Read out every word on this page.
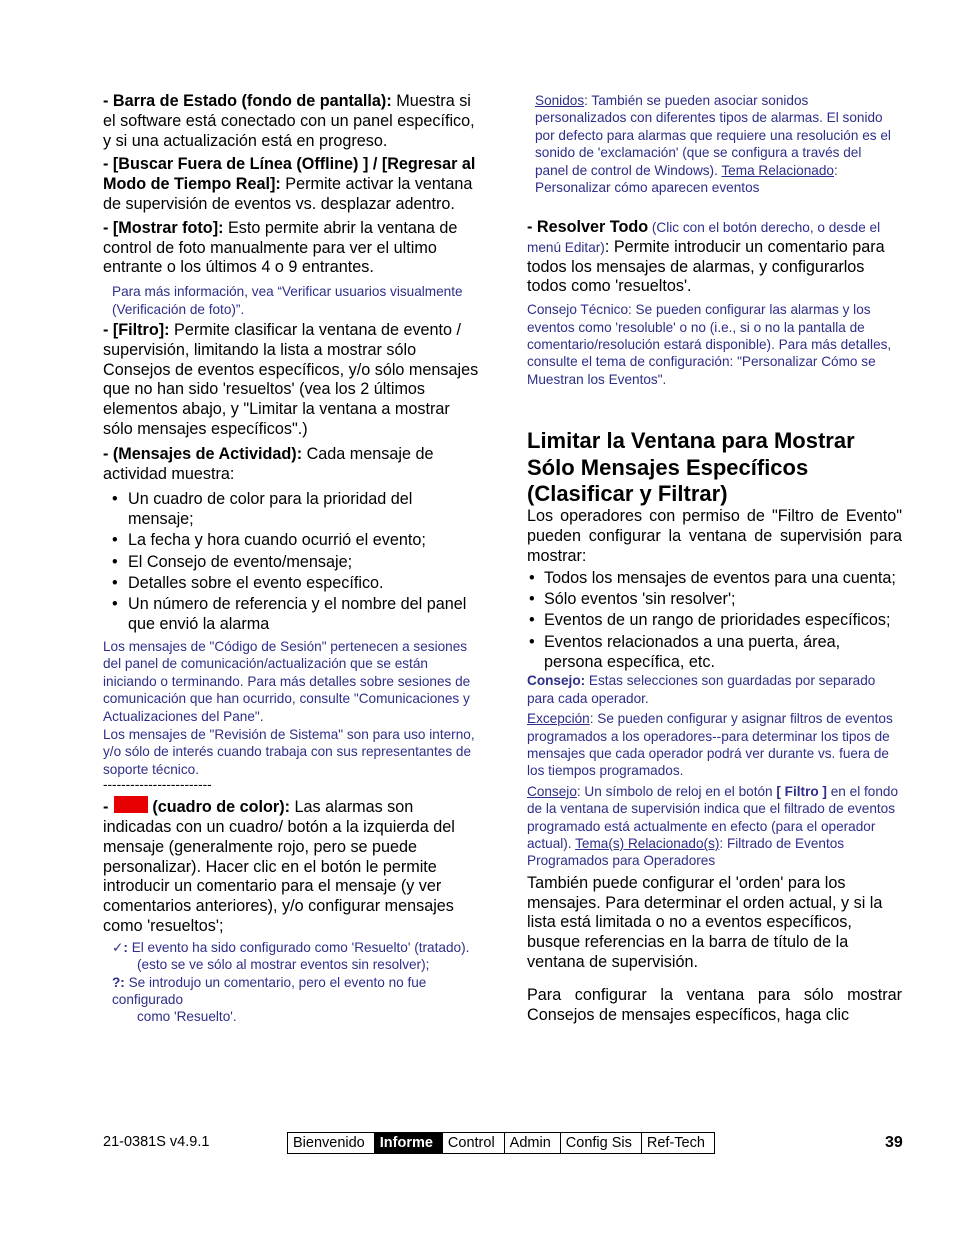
- Barra de Estado (fondo de pantalla): Muestra si el software está conectado con un panel específico, y si una actualización está en progreso.

- [Buscar Fuera de Línea (Offline) ] / [Regresar al Modo de Tiempo Real]: Permite activar la ventana de supervisión de eventos vs. desplazar adentro.

- [Mostrar foto]: Esto permite abrir la ventana de control de foto manualmente para ver el ultimo entrante o los últimos 4 o 9 entrantes.

Para más información, vea “Verificar usuarios visualmente (Verificación de foto)”.

- [Filtro]: Permite clasificar la ventana de evento / supervisión, limitando la lista a mostrar sólo Consejos de eventos específicos, y/o sólo mensajes que no han sido 'resueltos' (vea los 2 últimos elementos abajo, y "Limitar la ventana a mostrar sólo mensajes específicos".)

- (Mensajes de Actividad): Cada mensaje de actividad muestra:

• Un cuadro de color para la prioridad del mensaje;
• La fecha y hora cuando ocurrió el evento;
• El Consejo de evento/mensaje;
• Detalles sobre el evento específico.
• Un número de referencia y el nombre del panel

que envió la alarma

Los mensajes de "Código de Sesión" pertenecen a sesiones del panel de comunicación/actualización que se están iniciando o terminando. Para más detalles sobre sesiones de comunicación que han ocurrido, consulte "Comunicaciones y Actualizaciones del Pane".

Los mensajes de "Revisión de Sistema" son para uso interno, y/o sólo de interés cuando trabaja con sus representantes de soporte técnico.

------------------------

-	(cuadro de color): Las alarmas son indicadas con un cuadro/ botón a la izquierda del mensaje (generalmente rojo, pero se puede personalizar). Hacer clic en el botón le permite introducir un comentario para el mensaje (y ver comentarios anteriores), y/o configurar mensajes como 'resueltos';

✓: El evento ha sido configurado como 'Resuelto' (tratado).

(esto se ve sólo al mostrar eventos sin resolver);

?: Se introdujo un comentario, pero el evento no fue configurado

como 'Resuelto'.

Sonidos: También se pueden asociar sonidos personalizados con diferentes tipos de alarmas. El sonido por defecto para alarmas que requiere una resolución es el sonido de 'exclamación' (que se configura a través del panel de control de Windows). Tema Relacionado: Personalizar cómo aparecen eventos

- Resolver Todo (Clic con el botón derecho, o desde el menú Editar): Permite introducir un comentario para todos los mensajes de alarmas, y configurarlos todos como 'resueltos'.

Consejo Técnico: Se pueden configurar las alarmas y los eventos como 'resoluble' o no (i.e., si o no la pantalla de comentario/resolución estará disponible). Para más detalles, consulte el tema de configuración: "Personalizar Cómo se Muestran los Eventos".

Limitar la Ventana para Mostrar Sólo Mensajes Específicos (Clasificar y Filtrar)

Los operadores con permiso de "Filtro de Evento" pueden configurar la ventana de supervisión para mostrar:

• Todos los mensajes de eventos para una cuenta;
• Sólo eventos 'sin resolver';
• Eventos de un rango de prioridades específicos;
• Eventos relacionados a una puerta, área, persona específica, etc.

Consejo: Estas selecciones son guardadas por separado para cada operador.

Excepción: Se pueden configurar y asignar filtros de eventos programados a los operadores--para determinar los tipos de mensajes que cada operador podrá ver durante vs. fuera de los tiempos programados.

Consejo: Un símbolo de reloj en el botón [ Filtro ] en el fondo de la ventana de supervisión indica que el filtrado de eventos programado está actualmente en efecto (para el operador actual). Tema(s) Relacionado(s): Filtrado de Eventos Programados para Operadores

También puede configurar el 'orden' para los mensajes. Para determinar el orden actual, y si la lista está limitada o no a eventos específicos, busque referencias en la barra de título de la ventana de supervisión.

Para configurar la ventana para sólo mostrar Consejos de mensajes específicos, haga clic

21-0381S v4.9.1	Bienvenido	Informe	Control	Admin	Config Sis	Ref-Tech	39
